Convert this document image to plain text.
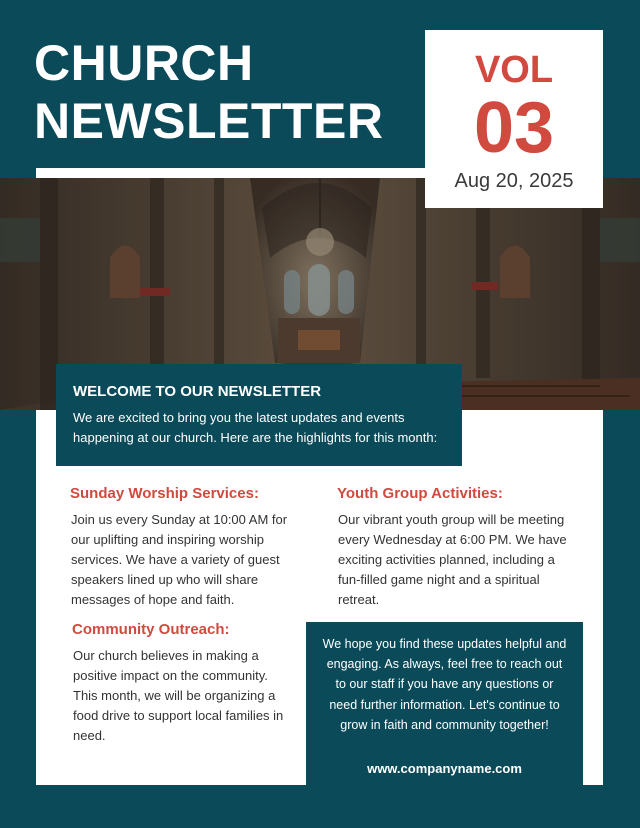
CHURCH
NEWSLETTER
VOL
03
Aug 20, 2025
WELCOME TO OUR NEWSLETTER

We are excited to bring you the latest updates and events happening at our church. Here are the highlights for this month:

Sunday Worship Services:

Join us every Sunday at 10:00 AM for our uplifting and inspiring worship services. We have a variety of guest speakers lined up who will share messages of hope and faith.

Youth Group Activities:

Our vibrant youth group will be meeting every Wednesday at 6:00 PM. We have exciting activities planned, including a fun-filled game night and a spiritual retreat.

Community Outreach:

Our church believes in making a positive impact on the community. This month, we will be organizing a food drive to support local families in need.

We hope you find these updates helpful and engaging. As always, feel free to reach out to our staff if you have any questions or need further information. Let's continue to grow in faith and community together!

www.companyname.com
